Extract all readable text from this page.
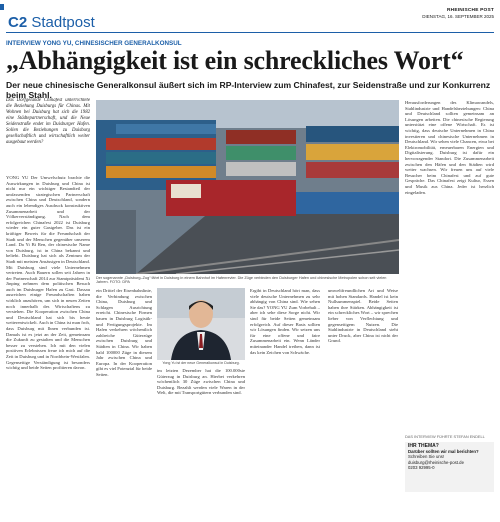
C2 Stadtpost
RHEINISCHE POST
DIENSTAG, 16. SEPTEMBER 2025
INTERVIEW YONG YU, CHINESISCHER GENERALKONSUL
„Abhängigkeit ist ein schreckliches Wort“
Der neue chinesische Generalkonsul äußert sich im RP-Interview zum Chinafest, zur Seidenstraße und zur Konkurrenz beim Stahl.
Das Dorfgelände Chinafest unterrichtete die Beziehung Duisburgs für Chinas. Mit Wohnen bei Duisburg hat sich die 1982 eine Städtepartnerschaft, und die Neue Seidenstraße endet im Duisburger Hafen. Sollen die Beziehungen zu Duisburg gesellschaftlich und wirtschaftlich weiter ausgebaut werden?
YONG YU Der Umwelschutz brachte die Auswirkungen in Duisburg und China ist nicht nur ein wichtiger Bestandteil der umfassenden strategischen Partnerschaft zwischen China und Deutschland, sondern auch ein lebendiges Ausdruck konstruktiven Zusammenarbeit und der Völkerverständigung. Nach dem erfolgreichen Chinafest 2022 ist Duisburg wieder ein guter Gastgeber. Das ist ein kräftiger Beweis für die Freundschaft der Stadt und der Menschen gegenüber unserem Land. Da Yi Bi Ren, der chinesische Name von Duisburg, ist in China bekannt und beliebt. Duisburg hat sich als Zentrum der Stadt mit meisten Ansässigen in Deutschland. Mit Duisburg sind viele Unternehmen vertreten. Auch Bauern sollen seit Jahren in der Partnerschaft 2014 zur Stamtpräsident Xi Jinping nehmen dem politischen Besuch auch im Duisburger Hafen zu Gast. Dassau ausreichen einige Freundschaften haben wirklich anzuhören, um sich in neuen Zeiten noch innerhalb des Wirtschaftens zu verstehen. Die Kooperation zwischen China und Deutschland hat sich bis heute weiterentwickelt. Auch in China ist man froh, dass Duisburg mit Ihnen verbunden ist. Damals ist es jetzt an der Zeit, gemeinsam die Zukunft zu gestalten und die Menschen besser zu verstehen. Ich mit den vielen positiven Erlebnissen freue ich mich auf die Zeit in Duisburg und in Nordrhein-Westfalen. Gegenseitige Verständigung ist besonders wichtig und beide Seiten profitieren davon.
Der sogenannte „Duisburg–Zug“ fährt in Duisburg in einem Bahnhof im Hafenrevier. Die Züge verbinden den Duisburger Hafen und chinesische Metropolen schon seit vielen Jahren. FOTO: DPA
ein Drittel der Eisenbahnlinie, die Verbindung zwischen China, Duisburg und Schlagen Ausrichtung erreicht. Chinesische Firmen bauen in Duisburg Logistik- und Fertigungsprojekte. Im Hafen verkehren wöchentlich zahlreiche Güterzüge zwischen Duisburg und Städten in China. Wir haben bald 100000 Züge in diesem Jahr zwischen China und Europa. In der Kooperation gibt es viel Potenzial für beide Seiten.
Yong Yu ist der neue Generalkonsul in Duisburg.
im letzten Dezember hat die 100.000ste Güterzug in Duisburg an. Hierbei verkehren wöchentlich 30 Züge zwischen China und Duisburg. Bezahlt werden viele Waren in der Welt, die mit Transportgütern verbunden sind.
Ergibt in Deutschland hört man, dass viele deutsche Unternehmen zu sehr abhängig von China sind. Wie sehen Sie das? YONG YU Zum Vorbehalt – aber ich sehe diese Sorge nicht. Wir sind für beide Seiten gemeinsam erfolgreich. Auf dieser Basis sollten wir Lösungen finden. Wir setzen uns für eine offene und faire Zusammenarbeit ein. Wenn Länder miteinander Handel treiben, dann ist das kein Zeichen von Schwäche.
umweltfreundlichen Art und Weise mit hohen Standards. Handel ist kein Nullsummenspiel. Beide Seiten haben ihre Stärken. Abhängigkeit ist ein schreckliches Wort – wir sprechen lieber von Verflechtung und gegenseitigem Nutzen. Die Stahlindustrie in Deutschland steht unter Druck, aber China ist nicht der Grund.
Herausforderungen des Klimawandels, Stahlindustrie und Handelsbeziehungen: China und Deutschland sollten gemeinsam an Lösungen arbeiten. Die chinesische Regierung unterstützt eine offene Wirtschaft. Es ist wichtig, dass deutsche Unternehmen in China investieren und chinesische Unternehmen in Deutschland. Wir sehen viele Chancen, etwa bei Elektromobilität, erneuerbaren Energien und Digitalisierung. Duisburg ist dafür ein hervorragender Standort. Die Zusammenarbeit zwischen den Häfen und den Städten wird weiter wachsen. Wir freuen uns auf viele Besucher beim Chinafest und auf gute Gespräche. Das Chinafest zeigt Kultur, Essen und Musik aus China. Jeder ist herzlich eingeladen.
DAS INTERVIEW FÜHRTE STEFAN ENDELL
IHR THEMA?
Darüber sollten wir mal berichten?
Schreiben Sie uns!
duisburg@rheinische-post.de
0203 92995-0
